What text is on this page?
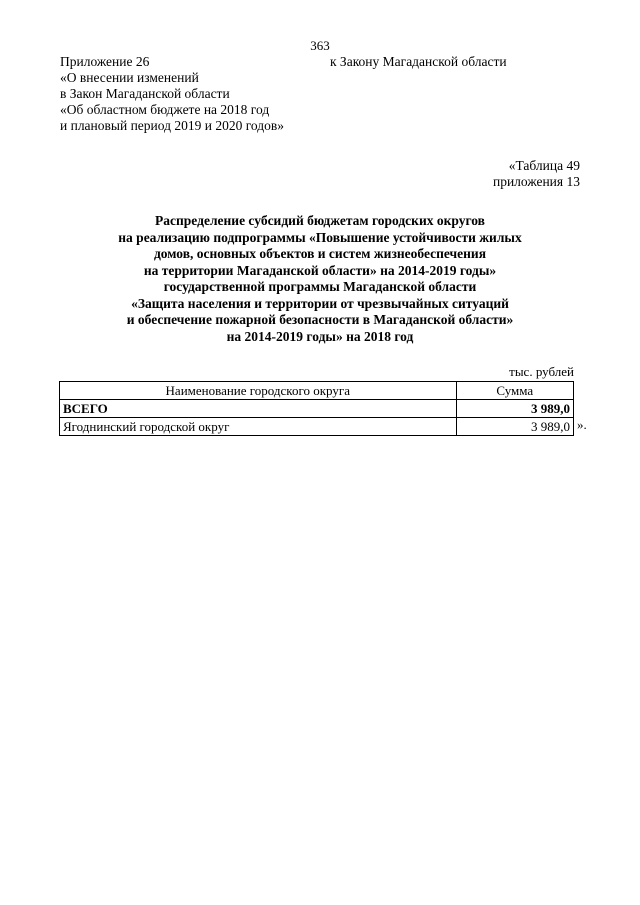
363
Приложение 26
«О внесении изменений
в Закон Магаданской области
«Об областном бюджете на 2018 год
и плановый период 2019 и 2020 годов»
к Закону Магаданской области
«Таблица 49
приложения 13
Распределение субсидий бюджетам городских округов
на реализацию подпрограммы «Повышение устойчивости жилых
домов, основных объектов и систем жизнеобеспечения
на территории Магаданской области» на 2014-2019 годы»
государственной программы Магаданской области
«Защита населения и территории от чрезвычайных ситуаций
и обеспечение пожарной безопасности в Магаданской области»
на 2014-2019 годы» на 2018 год
тыс. рублей
Наименование городского округа	Сумма
ВСЕГО	3 989,0
Ягоднинский городской округ	3 989,0 ».
